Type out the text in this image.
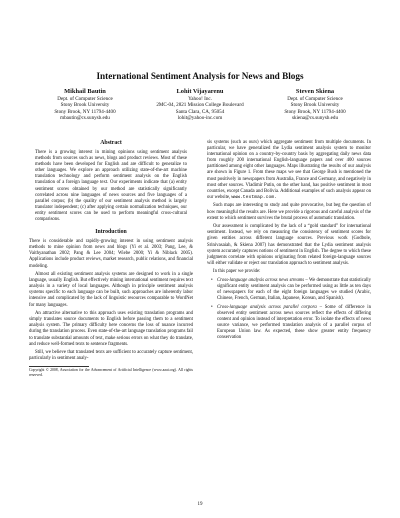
International Sentiment Analysis for News and Blogs
Mikhail Bautin
Dept. of Computer Science
Stony Brook University
Stony Brook, NY 11794-4400
mbautin@cs.sunysb.edu
Lohit Vijayarenu
Yahoo! Inc.
2MC-04, 2821 Mission College Boulevard
Santa Clara, CA, 95054
lohit@yahoo-inc.com
Steven Skiena
Dept. of Computer Science
Stony Brook University
Stony Brook, NY 11794-4400
skiena@cs.sunysb.edu
Abstract
There is a growing interest in mining opinions using sentiment analysis methods from sources such as news, blogs and product reviews. Most of these methods have been developed for English and are difficult to generalize to other languages. We explore an approach utilizing state-of-the-art machine translation technology and perform sentiment analysis on the English translation of a foreign language text. Our experiments indicate that (a) entity sentiment scores obtained by our method are statistically significantly correlated across nine languages of news sources and five languages of a parallel corpus; (b) the quality of our sentiment analysis method is largely translator independent; (c) after applying certain normalization techniques, our entity sentiment scores can be used to perform meaningful cross-cultural comparisons.
Introduction
There is considerable and rapidly-growing interest in using sentiment analysis methods to mine opinion from news and blogs (Yi et al. 2003; Pang, Lee, & Vaithyanathan 2002; Pang & Lee 2004; Wiebe 2000; Yi & Niblack 2005). Applications include product reviews, market research, public relations, and financial modeling.
Almost all existing sentiment analysis systems are designed to work in a single language, usually English. But effectively mining international sentiment requires text analysis in a variety of local languages. Although in principle sentiment analysis systems specific to each language can be built, such approaches are inherently labor intensive and complicated by the lack of linguistic resources comparable to WordNet for many languages.
An attractive alternative to this approach uses existing translation programs and simply translates source documents to English before passing them to a sentiment analysis system. The primary difficulty here concerns the loss of nuance incurred during the translation process. Even state-of-the-art language translation programs fail to translate substantial amounts of text, make serious errors on what they do translate, and reduce well-formed texts to sentence fragments.
Still, we believe that translated texts are sufficient to accurately capture sentiment, particularly in sentiment analy-
Copyright © 2008, Association for the Advancement of Artificial Intelligence (www.aaai.org). All rights reserved.
sis systems (such as ours) which aggregate sentiment from multiple documents. In particular, we have generalized the Lydia sentiment analysis system to monitor international opinion on a country-by-country basis by aggregating daily news data from roughly 200 international English-language papers and over 400 sources partitioned among eight other languages. Maps illustrating the results of our analysis are shown in Figure 1. From these maps we see that George Bush is mentioned the most positively in newspapers from Australia, France and Germany, and negatively in most other sources. Vladimir Putin, on the other hand, has positive sentiment in most countries, except Canada and Bolivia. Additional examples of such analysis appear on our website, www.textmap.com.
Such maps are interesting to study and quite provocative, but beg the question of how meaningful the results are. Here we provide a rigorous and careful analysis of the extent to which sentiment survives the brutal process of automatic translation.
Our assessment is complicated by the lack of a “gold standard” for international sentiment. Instead, we rely on measuring the consistency of sentiment scores for given entities across different language sources. Previous work (Godbole, Srinivasaiah, & Skiena 2007) has demonstrated that the Lydia sentiment analysis system accurately captures notions of sentiment in English. The degree to which these judgments correlate with opinions originating from related foreign-language sources will either validate or reject our translation approach to sentiment analysis.
In this paper we provide:
• Cross-language analysis across news streams – We demonstrate that statistically significant entity sentiment analysis can be performed using as little as ten days of newspapers for each of the eight foreign languages we studied (Arabic, Chinese, French, German, Italian, Japanese, Korean, and Spanish).
• Cross-language analysis across parallel corpora – Some of difference in observed entity sentiment across news sources reflect the effects of differing content and opinion instead of interpretation error. To isolate the effects of news source variance, we performed translation analysis of a parallel corpus of European Union law. As expected, these show greater entity frequency conservation
19
